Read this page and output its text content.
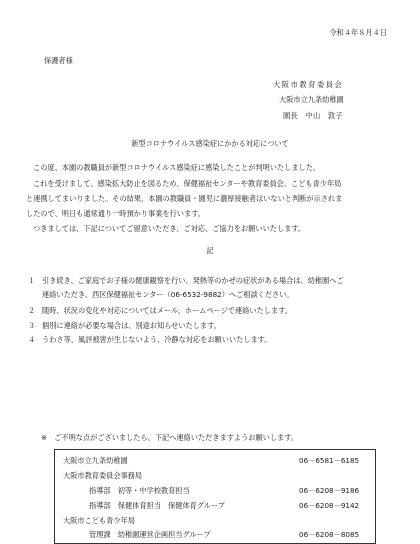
令和４年８月４日
保護者様
大阪市教育委員会
大阪市立九条幼稚園
園長　中山　敦子
新型コロナウイルス感染症にかかる対応について

この度、本園の教職員が新型コロナウイルス感染症に感染したことが判明いたしました。

これを受けまして、感染拡大防止を図るため、保健福祉センターや教育委員会、こども青少年局

と連携してまいりました。その結果、本園の教職員・園児に濃厚接触者はいないと判断が示されま

したので、明日も通常通り一時預かり事業を行います。

つきましては、下記についてご留意いただき、ご対応、ご協力をお願いいたします。

記
１ 引き続き、ご家庭でお子様の健康観察を行い、発熱等のかぜの症状がある場合は、幼稚園へご
連絡いただき、西区保健福祉センター（06-6532-9882）へご相談ください。
２ 随時、状況の変化や対応についてはメール、ホームページで連絡いたします。
３ 個別に連絡が必要な場合は、別途お知らせいたします。
４ うわさ等、風評被害が生じないよう、冷静な対応をお願いいたします。
※　ご不明な点がございましたら、下記へ連絡いただきますようお願いします。
大阪市立九条幼稚園	06－6581－6185
大阪市教育委員会事務局
指導部　初等・中学校教育担当	06－6208－9186
指導部　保健体育担当　保健体育グループ	06－6208－9142
大阪市こども青少年局
管理課　幼稚園運営企画担当グループ	06－6208－8085
